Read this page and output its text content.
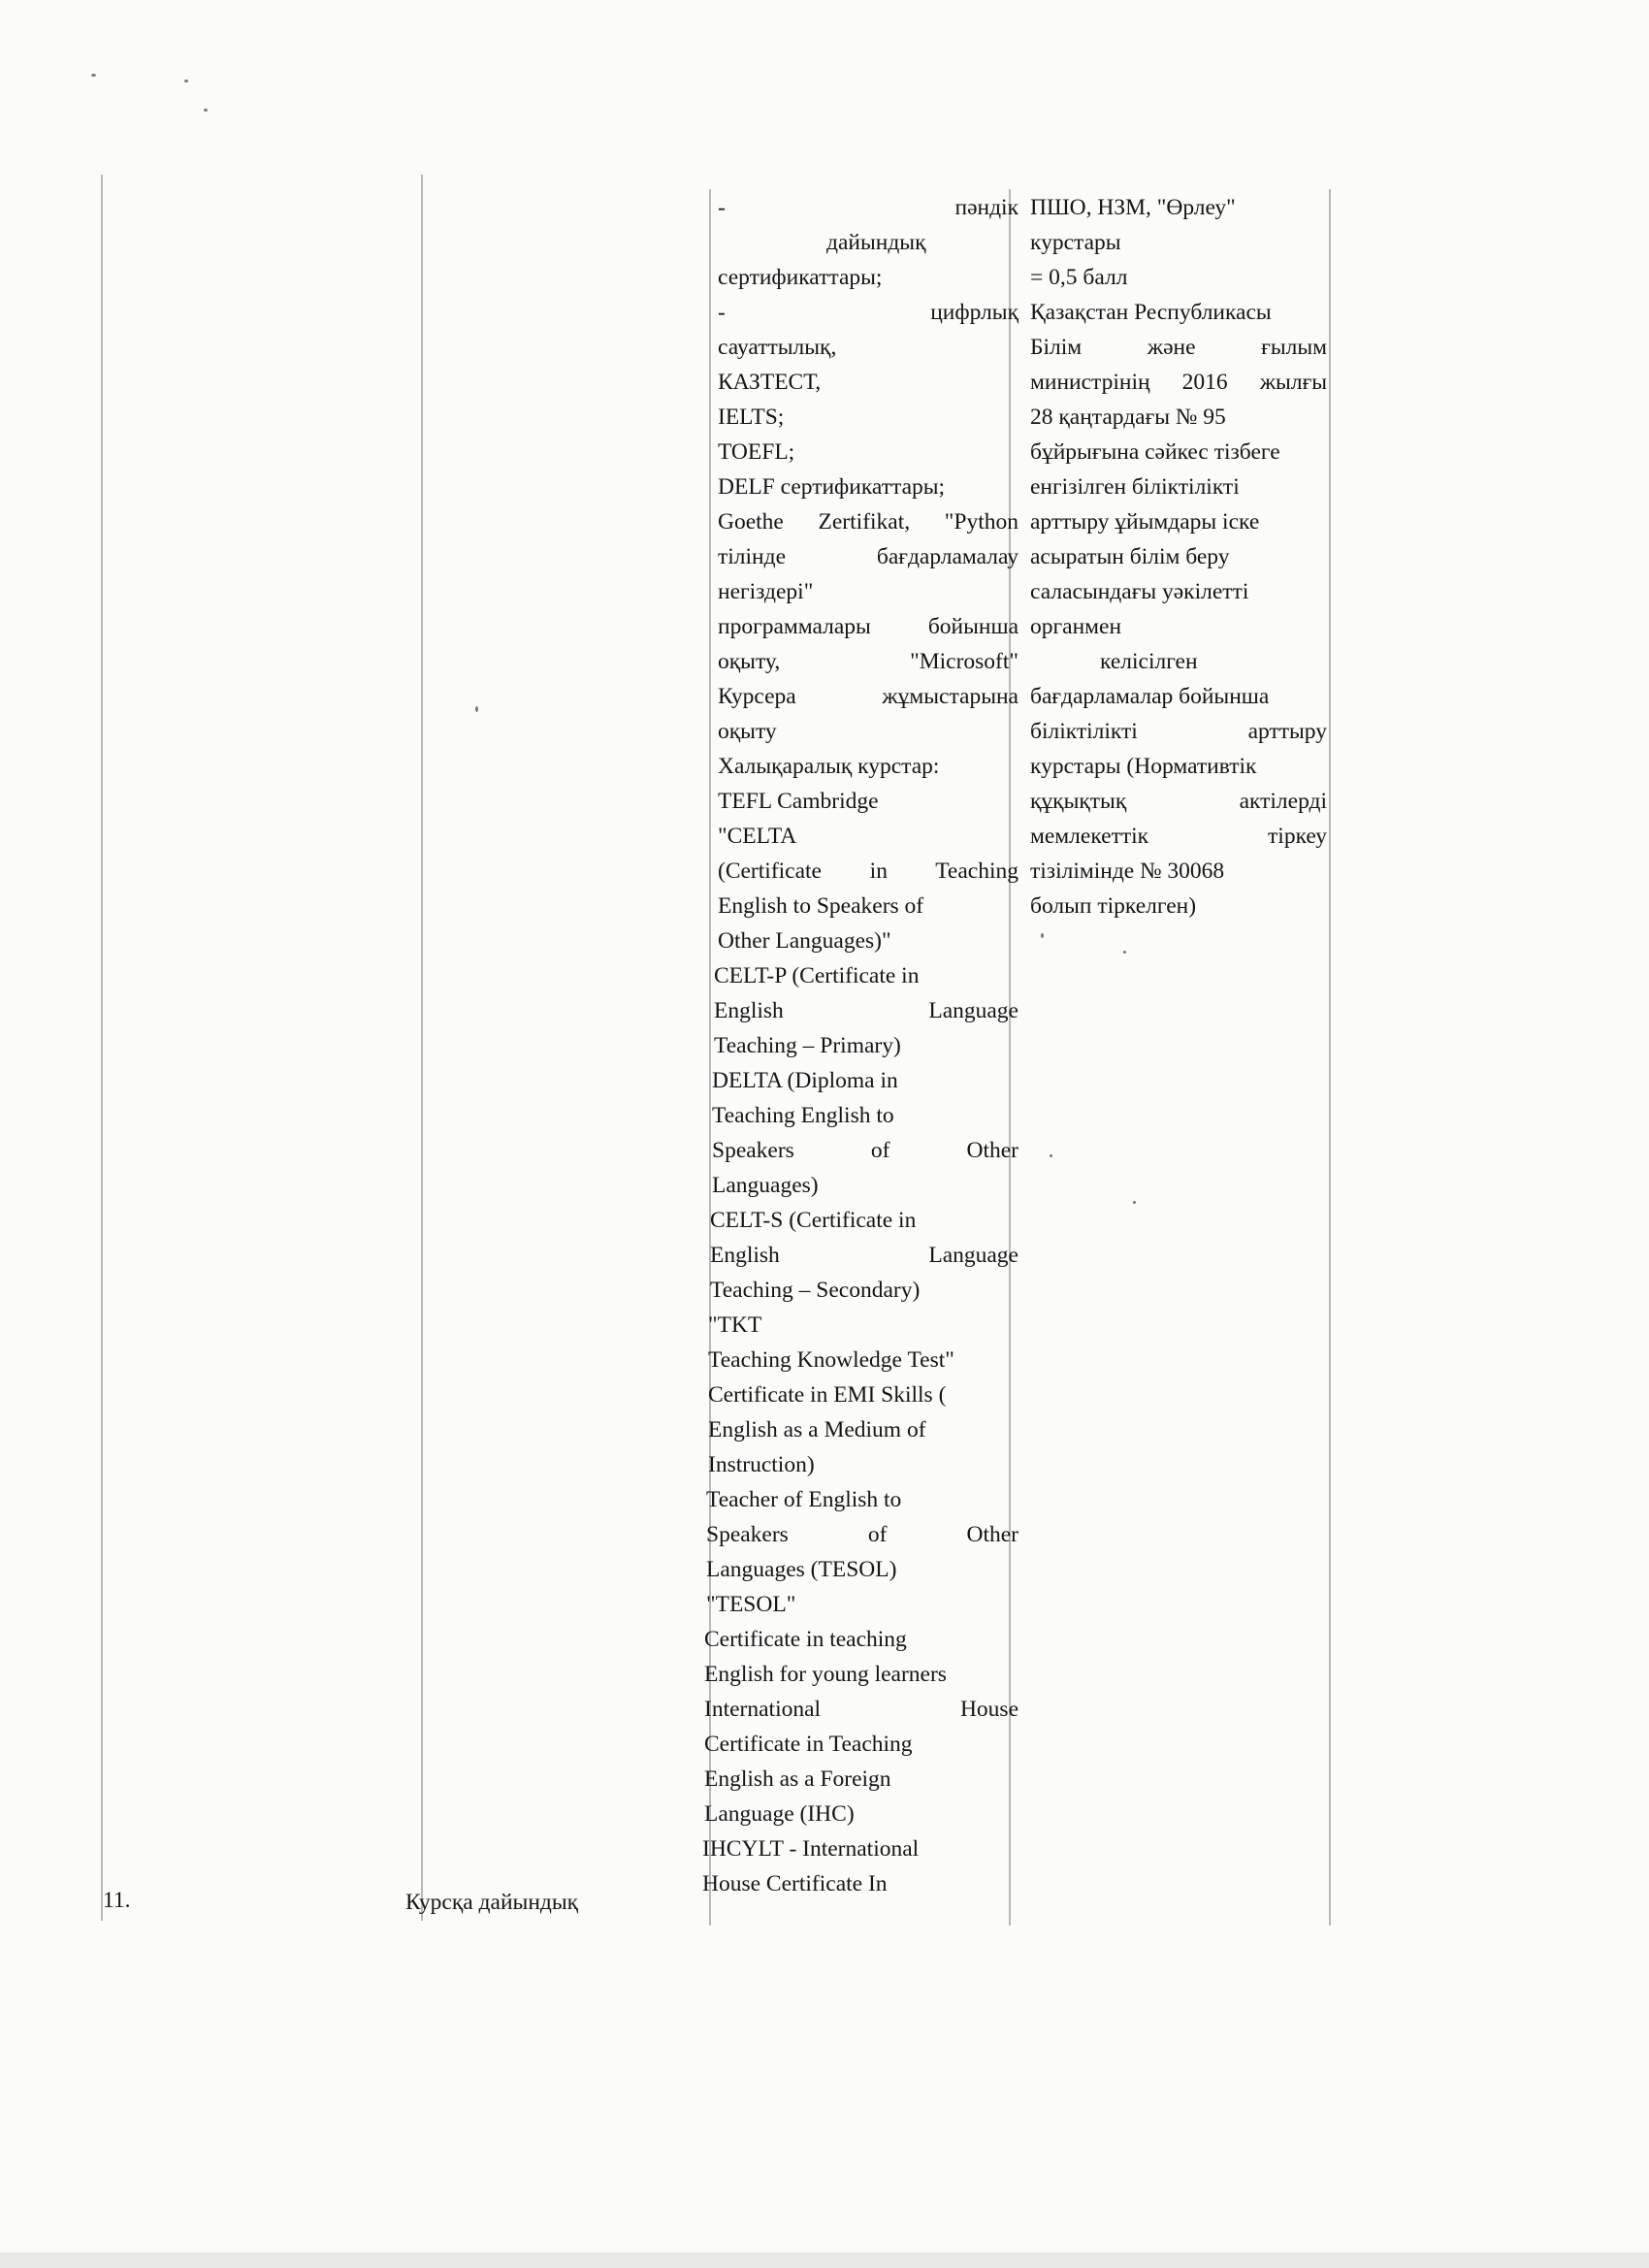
11.	Курсқа дайындық
- пәндік
дайындық
сертификаттары;
- цифрлық
сауаттылық,
КАЗТЕСТ,
IELTS;
TOEFL;
DELF сертификаттары;
Goethe Zertifikat, "Python
тілінде бағдарламалау
негіздері"
программалары бойынша
оқыту, "Microsoft"
Курсера жұмыстарына
оқыту
Халықаралық курстар:
TEFL Cambridge
"CELTA
(Certificate in Teaching
English to Speakers of
Other Languages)"
CELT-P (Certificate in
English Language
Teaching – Primary)
DELTA (Diploma in
Teaching English to
Speakers of Other
Languages)
CELT-S (Certificate in
English Language
Teaching – Secondary)
"TKT
Teaching Knowledge Test"
Certificate in EMI Skills (
English as a Medium of
Instruction)
Teacher of English to
Speakers of Other
Languages (TESOL)
"TESOL"
Certificate in teaching
English for young learners
International House
Certificate in Teaching
English as a Foreign
Language (IHC)
IHCYLT - International
House Certificate In
ПШО, НЗМ, "Өрлеу"
курстары
= 0,5 балл
Қазақстан Республикасы
Білім және ғылым
министрінің 2016 жылғы
28 қаңтардағы № 95
бұйрығына сәйкес тізбеге
енгізілген біліктілікті
арттыру ұйымдары іске
асыратын білім беру
саласындағы уәкілетті
органмен
келісілген
бағдарламалар бойынша
біліктілікті арттыру
курстары (Нормативтік
құқықтық актілерді
мемлекеттік тіркеу
тізілімінде № 30068
болып тіркелген)
